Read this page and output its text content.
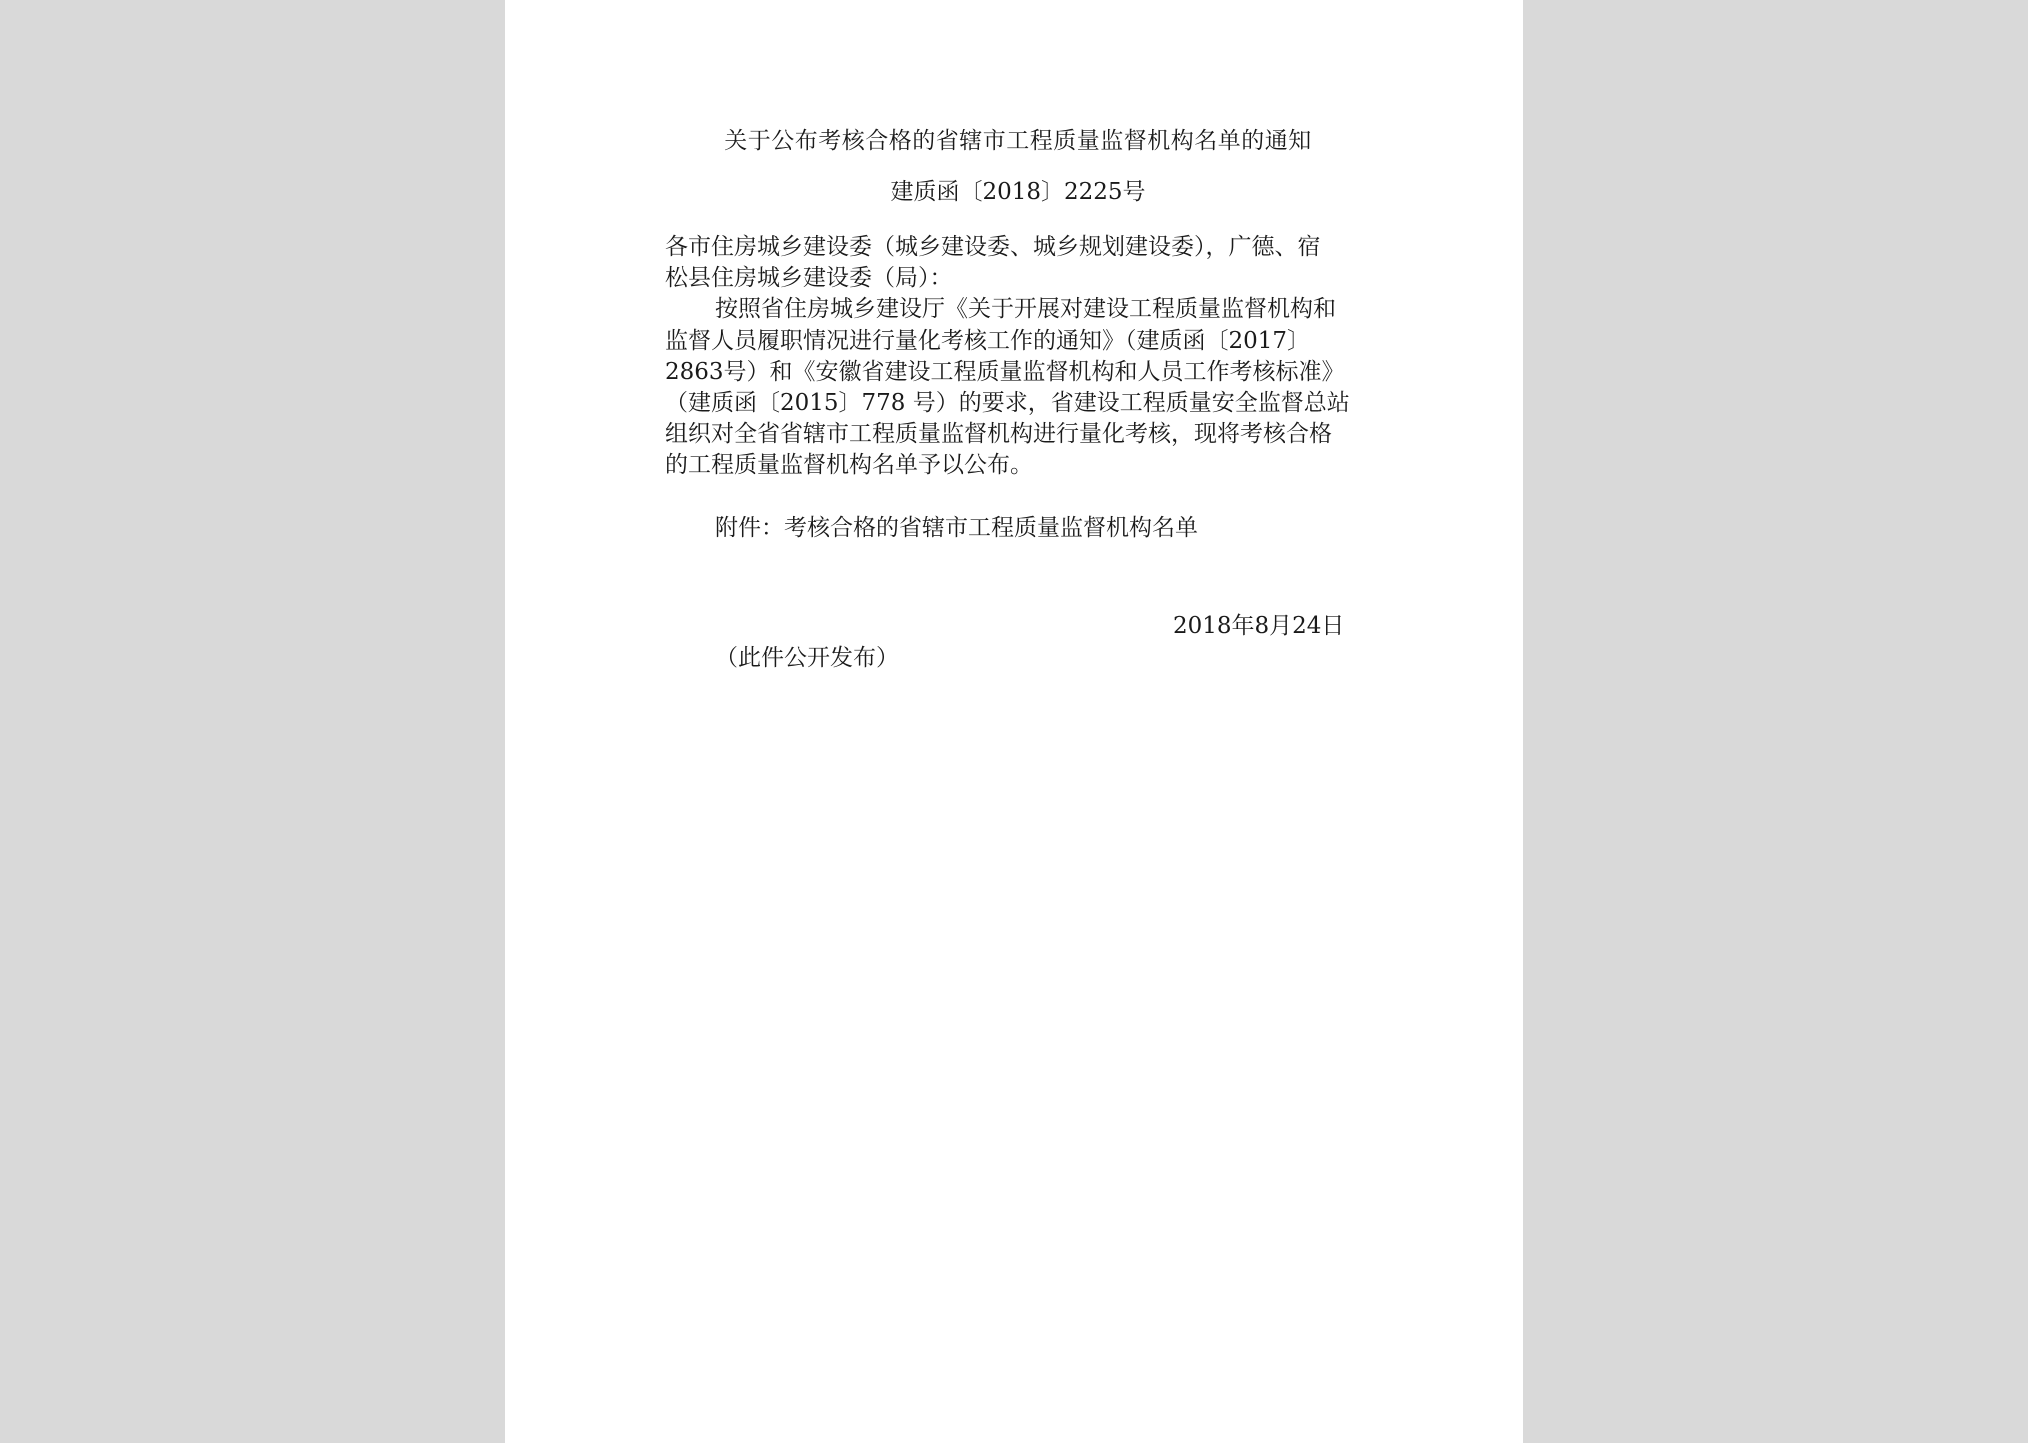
关于公布考核合格的省辖市工程质量监督机构名单的通知
建质函〔2018〕2225号
各市住房城乡建设委（城乡建设委、城乡规划建设委），广德、宿
松县住房城乡建设委（局）：
按照省住房城乡建设厅《关于开展对建设工程质量监督机构和
监督人员履职情况进行量化考核工作的通知》（建质函〔2017〕
2863号）和《安徽省建设工程质量监督机构和人员工作考核标准》
（建质函〔2015〕778 号）的要求，省建设工程质量安全监督总站
组织对全省省辖市工程质量监督机构进行量化考核，现将考核合格
的工程质量监督机构名单予以公布。
附件：考核合格的省辖市工程质量监督机构名单
2018年8月24日
（此件公开发布）
